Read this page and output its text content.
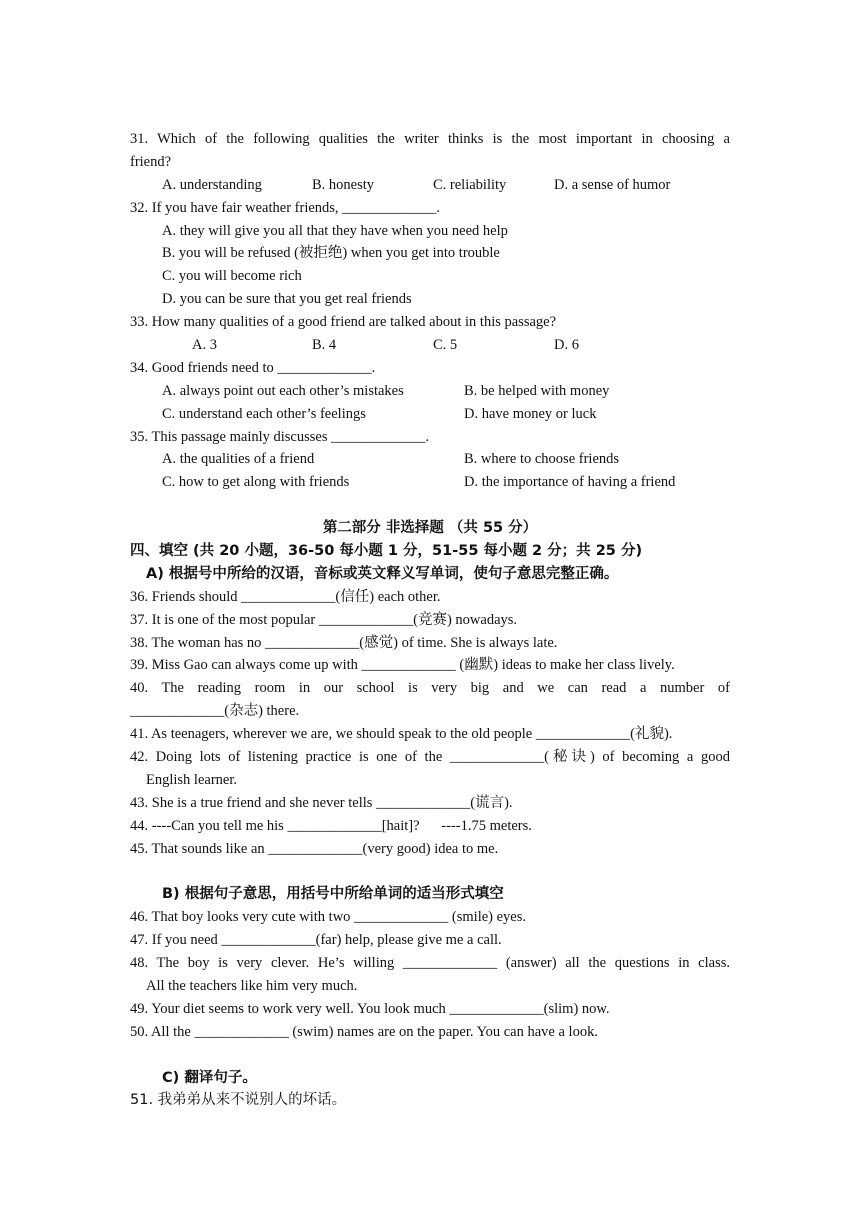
31. Which of the following qualities the writer thinks is the most important in choosing a
friend?
A. understanding	B. honesty	C. reliability	D. a sense of humor
32. If you have fair weather friends, _____________.
A. they will give you all that they have when you need help
B. you will be refused (被拒绝) when you get into trouble
C. you will become rich
D. you can be sure that you get real friends
33. How many qualities of a good friend are talked about in this passage?
A. 3	B. 4	C. 5	D. 6
34. Good friends need to _____________.
A. always point out each other’s mistakes	B. be helped with money
C. understand each other’s feelings	D. have money or luck
35. This passage mainly discusses _____________.
A. the qualities of a friend	B. where to choose friends
C. how to get along with friends	D. the importance of having a friend
第二部分 非选择题 （共 55 分）
四、填空 (共 20 小题，36-50 每小题 1 分，51-55 每小题 2 分；共 25 分)
A) 根据号中所给的汉语，音标或英文释义写单词，使句子意思完整正确。
36. Friends should _____________(信任) each other.
37. It is one of the most popular _____________(竞赛) nowadays.
38. The woman has no _____________(感觉) of time. She is always late.
39. Miss Gao can always come up with _____________ (幽默) ideas to make her class lively.
40. The reading room in our school is very big and we can read a number of
_____________(杂志) there.
41. As teenagers, wherever we are, we should speak to the old people _____________(礼貌).
42. Doing lots of listening practice is one of the _____________(秘诀) of becoming a good
English learner.
43. She is a true friend and she never tells _____________(谎言).
44. ----Can you tell me his _____________[hait]?      ----1.75 meters.
45. That sounds like an _____________(very good) idea to me.
B) 根据句子意思，用括号中所给单词的适当形式填空
46. That boy looks very cute with two _____________ (smile) eyes.
47. If you need _____________(far) help, please give me a call.
48. The boy is very clever. He’s willing _____________ (answer) all the questions in class.
All the teachers like him very much.
49. Your diet seems to work very well. You look much _____________(slim) now.
50. All the _____________ (swim) names are on the paper. You can have a look.
C) 翻译句子。
51. 我弟弟从来不说别人的坏话。
